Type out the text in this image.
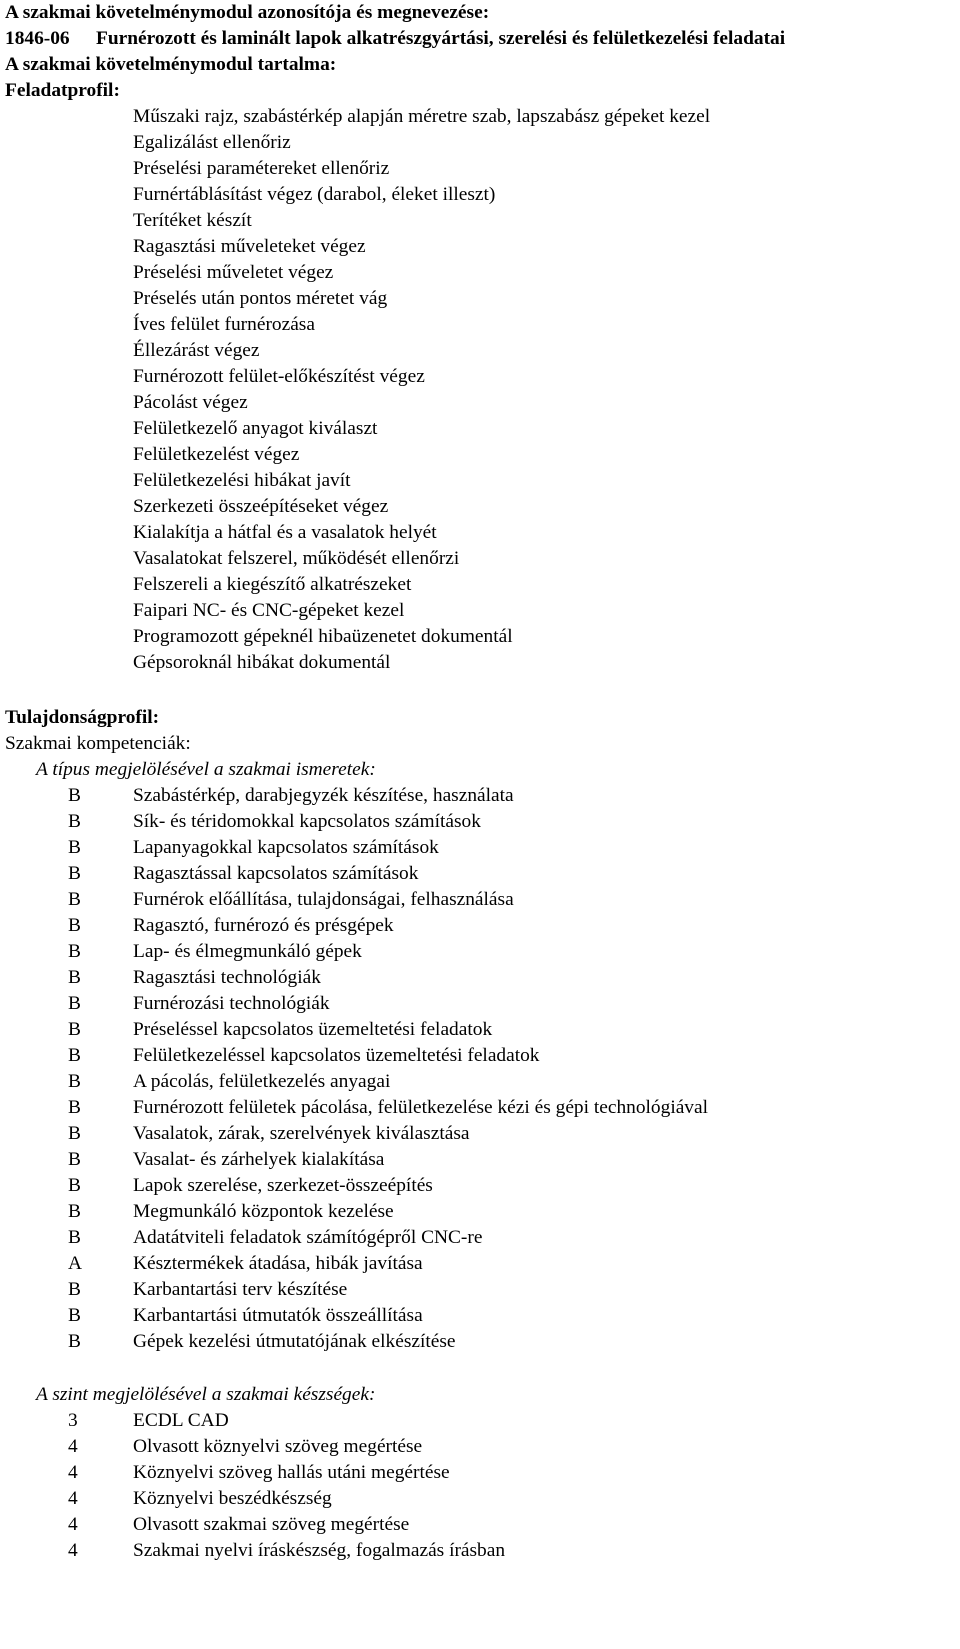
A szakmai követelménymodul azonosítója és megnevezése:
1846-06 Furnérozott és laminált lapok alkatrészgyártási, szerelési és felületkezelési feladatai
A szakmai követelménymodul tartalma:
Feladatprofil:
Műszaki rajz, szabástérkép alapján méretre szab, lapszabász gépeket kezel
Egalizálást ellenőriz
Préselési paramétereket ellenőriz
Furnértáblásítást végez (darabol, éleket illeszt)
Terítéket készít
Ragasztási műveleteket végez
Préselési műveletet végez
Préselés után pontos méretet vág
Íves felület furnérozása
Éllezárást végez
Furnérozott felület-előkészítést végez
Pácolást végez
Felületkezelő anyagot kiválaszt
Felületkezelést végez
Felületkezelési hibákat javít
Szerkezeti összeépítéseket végez
Kialakítja a hátfal és a vasalatok helyét
Vasalatokat felszerel, működését ellenőrzi
Felszereli a kiegészítő alkatrészeket
Faipari NC- és CNC-gépeket kezel
Programozott gépeknél hibaüzenetet dokumentál
Gépsoroknál hibákat dokumentál
Tulajdonságprofil:
Szakmai kompetenciák:
A típus megjelölésével a szakmai ismeretek:
B	Szabástérkép, darabjegyzék készítése, használata
B	Sík- és téridomokkal kapcsolatos számítások
B	Lapanyagokkal kapcsolatos számítások
B	Ragasztással kapcsolatos számítások
B	Furnérok előállítása, tulajdonságai, felhasználása
B	Ragasztó, furnérozó és présgépek
B	Lap- és élmegmunkáló gépek
B	Ragasztási technológiák
B	Furnérozási technológiák
B	Préseléssel kapcsolatos üzemeltetési feladatok
B	Felületkezeléssel kapcsolatos üzemeltetési feladatok
B	A pácolás, felületkezelés anyagai
B	Furnérozott felületek pácolása, felületkezelése kézi és gépi technológiával
B	Vasalatok, zárak, szerelvények kiválasztása
B	Vasalat- és zárhelyek kialakítása
B	Lapok szerelése, szerkezet-összeépítés
B	Megmunkáló központok kezelése
B	Adatátviteli feladatok számítógépről CNC-re
A	Késztermékek átadása, hibák javítása
B	Karbantartási terv készítése
B	Karbantartási útmutatók összeállítása
B	Gépek kezelési útmutatójának elkészítése
A szint megjelölésével a szakmai készségek:
3	ECDL CAD
4	Olvasott köznyelvi szöveg megértése
4	Köznyelvi szöveg hallás utáni megértése
4	Köznyelvi beszédkészség
4	Olvasott szakmai szöveg megértése
4	Szakmai nyelvi íráskészség, fogalmazás írásban
